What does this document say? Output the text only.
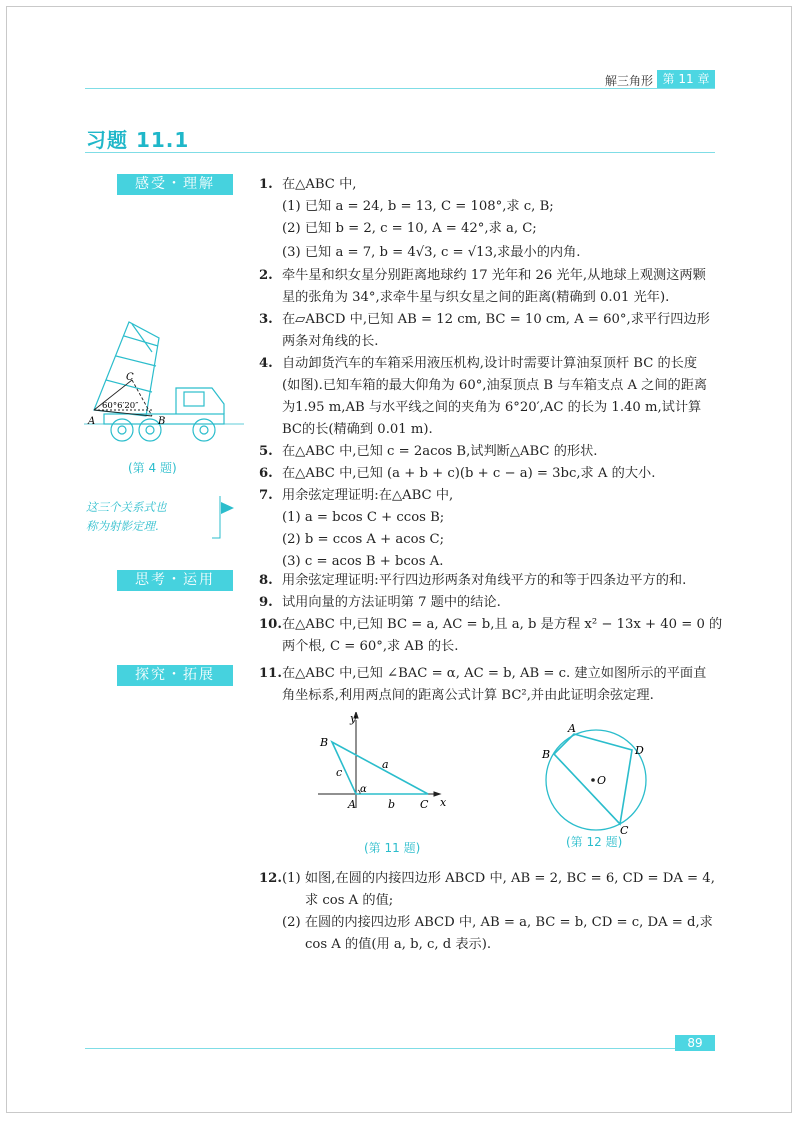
解三角形 第 11 章
习题 11.1
感受・理解
思考・运用
探究・拓展
1. 在△ABC 中,
(1) 已知 a = 24, b = 13, C = 108°,求 c, B;
(2) 已知 b = 2, c = 10, A = 42°,求 a, C;
(3) 已知 a = 7, b = 4√3, c = √13,求最小的内角.
2. 牵牛星和织女星分别距离地球约 17 光年和 26 光年,从地球上观测这两颗
星的张角为 34°,求牵牛星与织女星之间的距离(精确到 0.01 光年).
3. 在▱ABCD 中,已知 AB = 12 cm, BC = 10 cm, A = 60°,求平行四边形
两条对角线的长.
4. 自动卸货汽车的车箱采用液压机构,设计时需要计算油泵顶杆 BC 的长度
(如图).已知车箱的最大仰角为 60°,油泵顶点 B 与车箱支点 A 之间的距离
为1.95 m,AB 与水平线之间的夹角为 6°20′,AC 的长为 1.40 m,试计算
BC的长(精确到 0.01 m).
5. 在△ABC 中,已知 c = 2acos B,试判断△ABC 的形状.
6. 在△ABC 中,已知 (a + b + c)(b + c − a) = 3bc,求 A 的大小.
7. 用余弦定理证明:在△ABC 中,
(1) a = bcos C + ccos B;
(2) b = ccos A + acos C;
(3) c = acos B + bcos A.
8. 用余弦定理证明:平行四边形两条对角线平方的和等于四条边平方的和.
9. 试用向量的方法证明第 7 题中的结论.
10.在△ABC 中,已知 BC = a, AC = b,且 a, b 是方程 x² − 13x + 40 = 0 的
两个根, C = 60°,求 AB 的长.
11.在△ABC 中,已知 ∠BAC = α, AC = b, AB = c. 建立如图所示的平面直
角坐标系,利用两点间的距离公式计算 BC²,并由此证明余弦定理.
12.(1) 如图,在圆的内接四边形 ABCD 中, AB = 2, BC = 6, CD = DA = 4,
求 cos A 的值;
(2) 在圆的内接四边形 ABCD 中, AB = a, BC = b, CD = c, DA = d,求
cos A 的值(用 a, b, c, d 表示).
C
A	B
60°6′20″
(第 4 题)
这三个关系式也
称为射影定理.
y
x
B
A	C
a
b
c
α
(第 11 题)
A
B
C
D
O
(第 12 题)
89
